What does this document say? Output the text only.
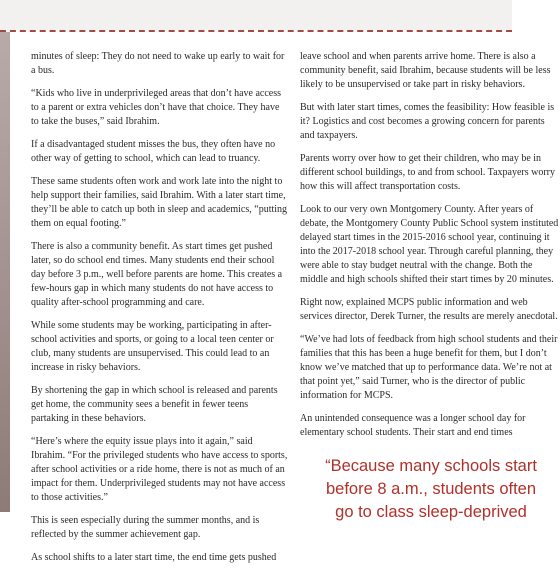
minutes of sleep: They do not need to wake up early to wait for a bus.

“Kids who live in underprivileged areas that don’t have access to a parent or extra vehicles don’t have that choice. They have to take the buses,” said Ibrahim.

If a disadvantaged student misses the bus, they often have no other way of getting to school, which can lead to truancy.

These same students often work and work late into the night to help support their families, said Ibrahim. With a later start time, they’ll be able to catch up both in sleep and academics, “putting them on equal footing.”

There is also a community benefit. As start times get pushed later, so do school end times. Many students end their school day before 3 p.m., well before parents are home. This creates a few-hours gap in which many students do not have access to quality after-school programming and care.

While some students may be working, participating in after-school activities and sports, or going to a local teen center or club, many students are unsupervised. This could lead to an increase in risky behaviors.

By shortening the gap in which school is released and parents get home, the community sees a benefit in fewer teens partaking in these behaviors.

“Here’s where the equity issue plays into it again,” said Ibrahim. “For the privileged students who have access to sports, after school activities or a ride home, there is not as much of an impact for them. Underprivileged students may not have access to those activities.”

This is seen especially during the summer months, and is reflected by the summer achievement gap.

As school shifts to a later start time, the end time gets pushed

leave school and when parents arrive home. There is also a community benefit, said Ibrahim, because students will be less likely to be unsupervised or take part in risky behaviors.

But with later start times, comes the feasibility: How feasible is it? Logistics and cost becomes a growing concern for parents and taxpayers.

Parents worry over how to get their children, who may be in different school buildings, to and from school. Taxpayers worry how this will affect transportation costs.

Look to our very own Montgomery County. After years of debate, the Montgomery County Public School system instituted delayed start times in the 2015-2016 school year, continuing it into the 2017-2018 school year. Through careful planning, they were able to stay budget neutral with the change. Both the middle and high schools shifted their start times by 20 minutes.

Right now, explained MCPS public information and web services director, Derek Turner, the results are merely anecdotal.

“We’ve had lots of feedback from high school students and their families that this has been a huge benefit for them, but I don’t know we’ve matched that up to performance data. We’re not at that point yet,” said Turner, who is the director of public information for MCPS.

An unintended consequence was a longer school day for elementary school students. Their start and end times

“Because many schools start before 8 a.m., students often go to class sleep-deprived
